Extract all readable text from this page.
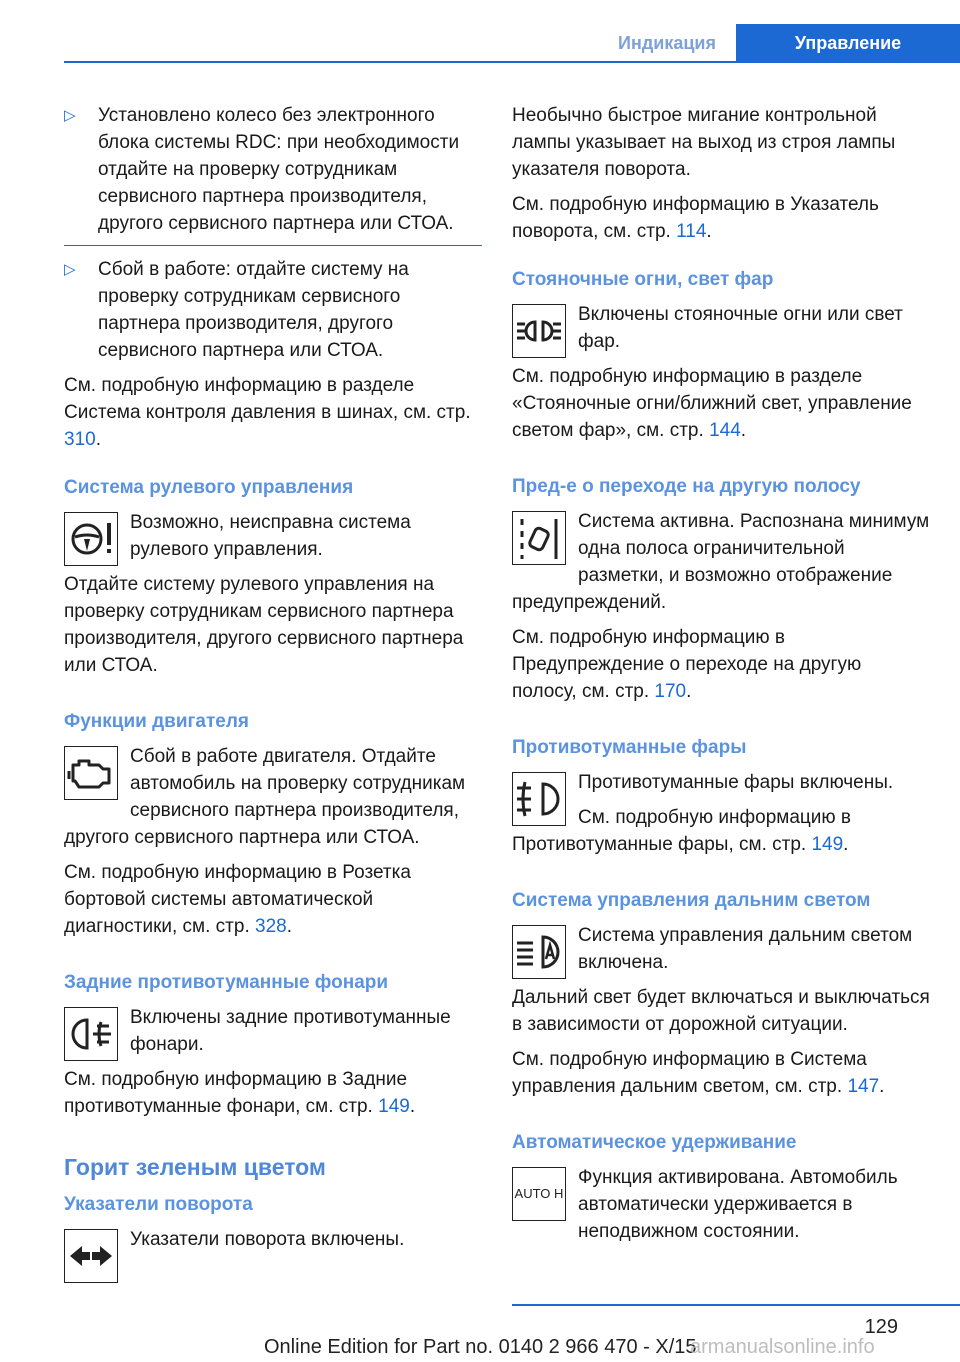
Индикация	Управление
▷ Установлено колесо без электронного блока системы RDC: при необходимости отдайте на проверку сотрудникам сервисного партнера производителя, другого сервисного партнера или СТОА.
▷ Сбой в работе: отдайте систему на проверку сотрудникам сервисного партнера производителя, другого сервисного партнера или СТОА.

См. подробную информацию в разделе Система контроля давления в шинах, см. стр. 310.

Система рулевого управления

Возможно, неисправна система рулевого управления.

Отдайте систему рулевого управления на проверку сотрудникам сервисного партнера производителя, другого сервисного партнера или СТОА.

Функции двигателя

Сбой в работе двигателя. Отдайте автомобиль на проверку сотрудникам сервисного партнера производителя, другого сервисного партнера или СТОА.

См. подробную информацию в Розетка бортовой системы автоматической диагностики, см. стр. 328.

Задние противотуманные фонари

Включены задние противотуманные фонари.

См. подробную информацию в Задние противотуманные фонари, см. стр. 149.

Горит зеленым цветом
Указатели поворота

Указатели поворота включены.

Необычно быстрое мигание контрольной лампы указывает на выход из строя лампы указателя поворота.

См. подробную информацию в Указатель поворота, см. стр. 114.

Стояночные огни, свет фар

Включены стояночные огни или свет фар.

См. подробную информацию в разделе «Стояночные огни/ближний свет, управление светом фар», см. стр. 144.

Пред-е о переходе на другую полосу

Система активна. Распознана минимум одна полоса ограничительной разметки, и возможно отображение предупреждений.

См. подробную информацию в Предупреждение о переходе на другую полосу, см. стр. 170.

Противотуманные фары

Противотуманные фары включены.

См. подробную информацию в Противотуманные фары, см. стр. 149.

Система управления дальним светом

Система управления дальним светом включена.

Дальний свет будет включаться и выключаться в зависимости от дорожной ситуации.

См. подробную информацию в Система управления дальним светом, см. стр. 147.

Автоматическое удерживание
AUTO H

Функция активирована. Автомобиль автоматически удерживается в неподвижном состоянии.

129
Online Edition for Part no. 0140 2 966 470 - X/15
armanualsonline.info
